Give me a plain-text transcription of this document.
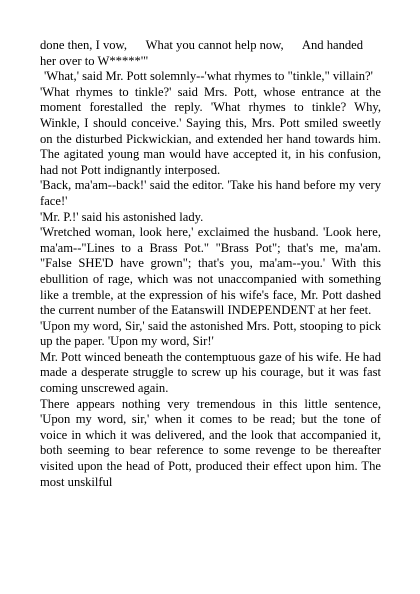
done then, I vow,      What you cannot help now,      And handed her over to W*****'"

'What,' said Mr. Pott solemnly--'what rhymes to "tinkle," villain?'

'What rhymes to tinkle?' said Mrs. Pott, whose entrance at the moment forestalled the reply. 'What rhymes to tinkle? Why, Winkle, I should conceive.' Saying this, Mrs. Pott smiled sweetly on the disturbed Pickwickian, and extended her hand towards him. The agitated young man would have accepted it, in his confusion, had not Pott indignantly interposed.

'Back, ma'am--back!' said the editor. 'Take his hand before my very face!'

'Mr. P.!' said his astonished lady.

'Wretched woman, look here,' exclaimed the husband. 'Look here, ma'am--"Lines to a Brass Pot." "Brass Pot"; that's me, ma'am. "False SHE'D have grown"; that's you, ma'am--you.' With this ebullition of rage, which was not unaccompanied with something like a tremble, at the expression of his wife's face, Mr. Pott dashed the current number of the Eatanswill INDEPENDENT at her feet.

'Upon my word, Sir,' said the astonished Mrs. Pott, stooping to pick up the paper. 'Upon my word, Sir!'

Mr. Pott winced beneath the contemptuous gaze of his wife. He had made a desperate struggle to screw up his courage, but it was fast coming unscrewed again.

There appears nothing very tremendous in this little sentence, 'Upon my word, sir,' when it comes to be read; but the tone of voice in which it was delivered, and the look that accompanied it, both seeming to bear reference to some revenge to be thereafter visited upon the head of Pott, produced their effect upon him. The most unskilful
